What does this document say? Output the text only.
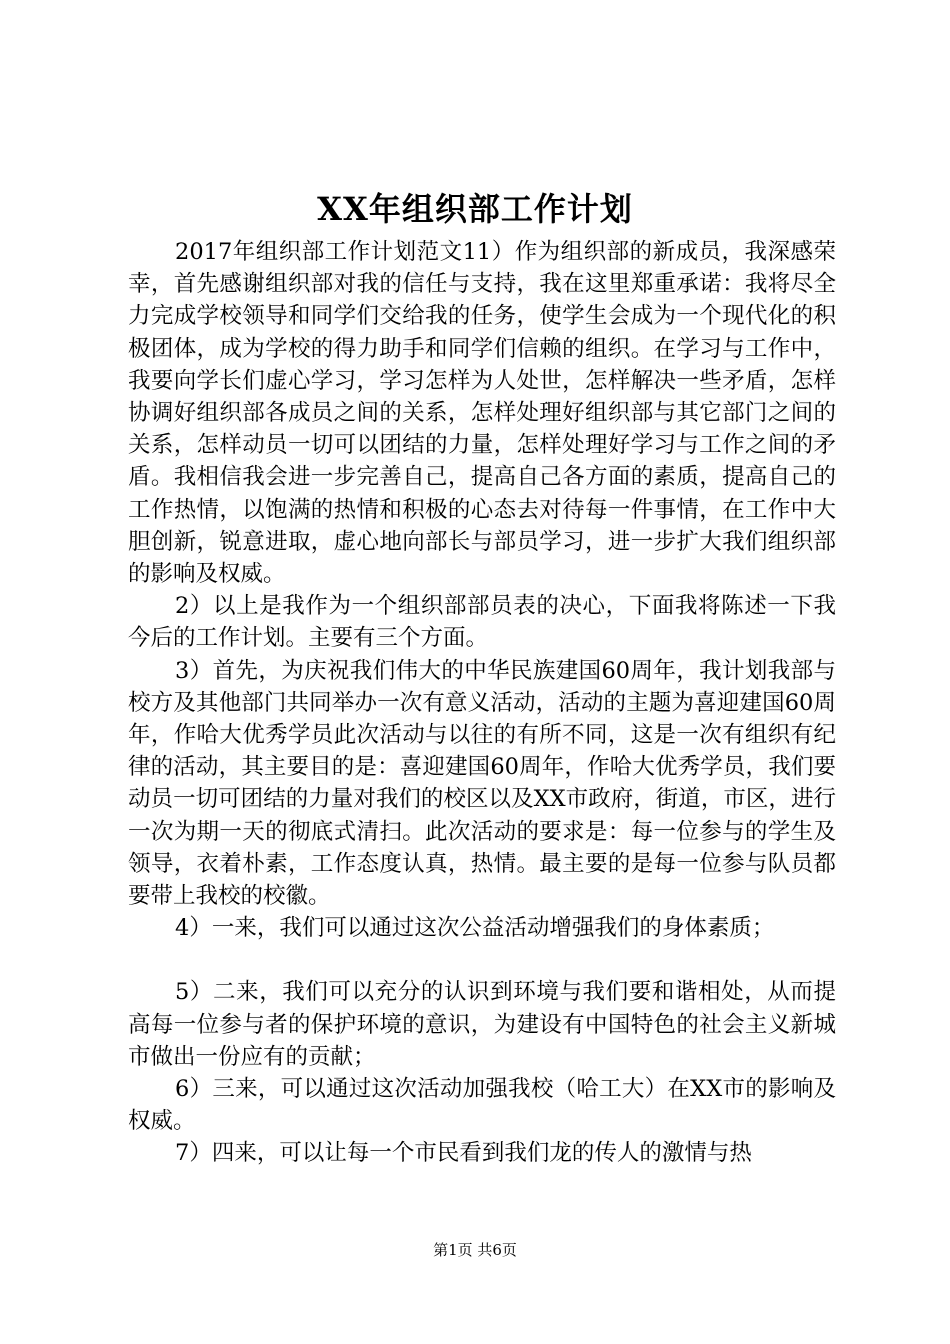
XX年组织部工作计划

2017年组织部工作计划范文11）作为组织部的新成员，我深感荣幸，首先感谢组织部对我的信任与支持，我在这里郑重承诺：我将尽全力完成学校领导和同学们交给我的任务，使学生会成为一个现代化的积极团体，成为学校的得力助手和同学们信赖的组织。在学习与工作中，我要向学长们虚心学习，学习怎样为人处世，怎样解决一些矛盾，怎样协调好组织部各成员之间的关系，怎样处理好组织部与其它部门之间的关系，怎样动员一切可以团结的力量，怎样处理好学习与工作之间的矛盾。我相信我会进一步完善自己，提高自己各方面的素质，提高自己的工作热情，以饱满的热情和积极的心态去对待每一件事情，在工作中大胆创新，锐意进取，虚心地向部长与部员学习，进一步扩大我们组织部的影响及权威。

2）以上是我作为一个组织部部员表的决心，下面我将陈述一下我今后的工作计划。主要有三个方面。

3）首先，为庆祝我们伟大的中华民族建国60周年，我计划我部与校方及其他部门共同举办一次有意义活动，活动的主题为喜迎建国60周年，作哈大优秀学员此次活动与以往的有所不同，这是一次有组织有纪律的活动，其主要目的是：喜迎建国60周年，作哈大优秀学员，我们要动员一切可团结的力量对我们的校区以及XX市政府，街道，市区，进行一次为期一天的彻底式清扫。此次活动的要求是：每一位参与的学生及领导，衣着朴素，工作态度认真，热情。最主要的是每一位参与队员都要带上我校的校徽。

4）一来，我们可以通过这次公益活动增强我们的身体素质；

5）二来，我们可以充分的认识到环境与我们要和谐相处，从而提高每一位参与者的保护环境的意识，为建设有中国特色的社会主义新城市做出一份应有的贡献；

6）三来，可以通过这次活动加强我校（哈工大）在XX市的影响及权威。

7）四来，可以让每一个市民看到我们龙的传人的激情与热

第1页 共6页
